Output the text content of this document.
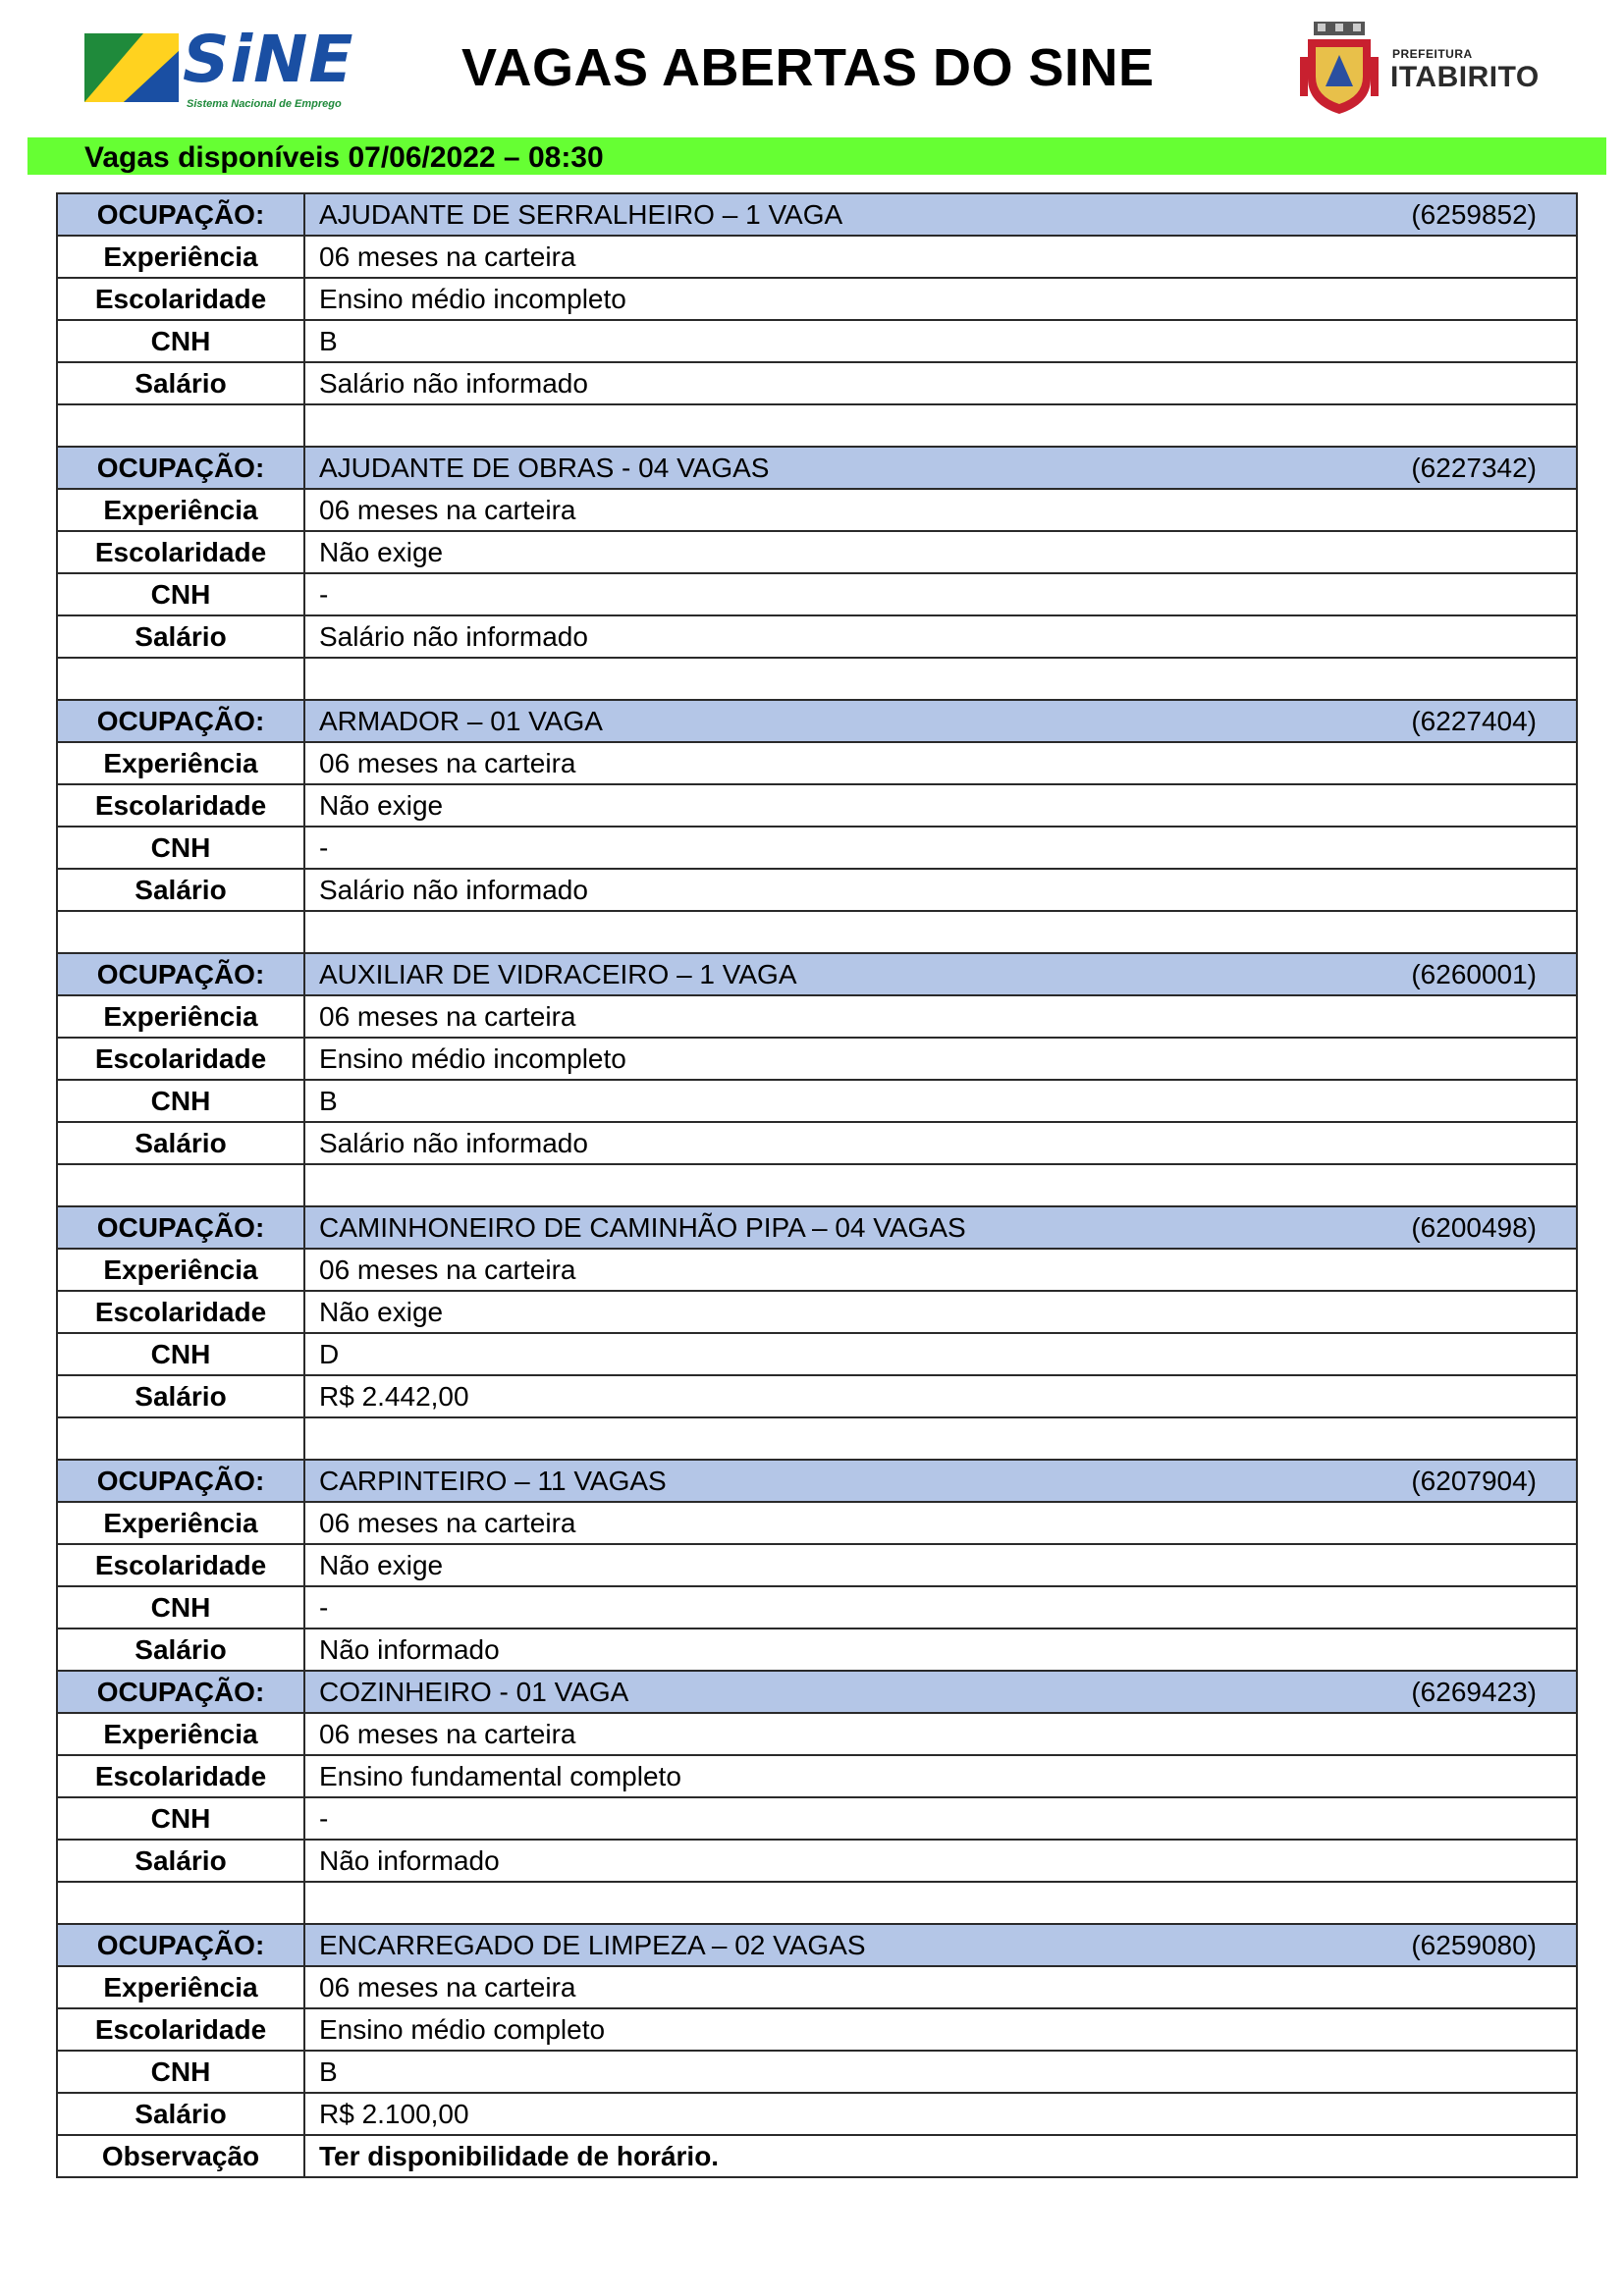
SiNE
Sistema Nacional de Emprego
VAGAS ABERTAS DO SINE	PREFEITURA
ITABIRITO
Vagas disponíveis 07/06/2022 – 08:30
OCUPAÇÃO:	AJUDANTE DE SERRALHEIRO – 1 VAGA (6259852)

Experiência	06 meses na carteira
Escolaridade	Ensino médio incompleto
CNH	B
Salário	Salário não informado

OCUPAÇÃO:	AJUDANTE DE OBRAS - 04 VAGAS (6227342)

Experiência	06 meses na carteira
Escolaridade	Não exige
CNH	-
Salário	Salário não informado

OCUPAÇÃO:	ARMADOR – 01 VAGA (6227404)

Experiência	06 meses na carteira
Escolaridade	Não exige
CNH	-
Salário	Salário não informado

OCUPAÇÃO:	AUXILIAR DE VIDRACEIRO – 1 VAGA (6260001)

Experiência	06 meses na carteira
Escolaridade	Ensino médio incompleto
CNH	B
Salário	Salário não informado

OCUPAÇÃO:	CAMINHONEIRO DE CAMINHÃO PIPA – 04 VAGAS (6200498)

Experiência	06 meses na carteira
Escolaridade	Não exige
CNH	D
Salário	R$ 2.442,00

OCUPAÇÃO:	CARPINTEIRO – 11 VAGAS (6207904)

Experiência	06 meses na carteira
Escolaridade	Não exige
CNH	-
Salário	Não informado
OCUPAÇÃO:	COZINHEIRO - 01 VAGA (6269423)

Experiência	06 meses na carteira
Escolaridade	Ensino fundamental completo
CNH	-
Salário	Não informado

OCUPAÇÃO:	ENCARREGADO DE LIMPEZA – 02 VAGAS (6259080)

Experiência	06 meses na carteira
Escolaridade	Ensino médio completo
CNH	B
Salário	R$ 2.100,00
Observação	Ter disponibilidade de horário.
